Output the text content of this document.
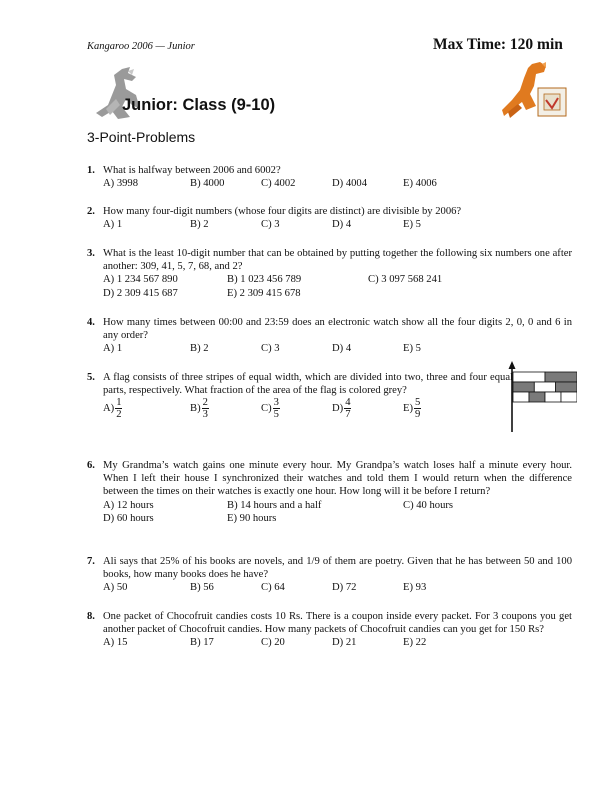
Kangaroo 2006 — Junior	Max Time: 120 min
Junior: Class (9-10)
3-Point-Problems
1. What is halfway between 2006 and 6002?
A) 3998	B) 4000	C) 4002	D) 4004	E) 4006
2. How many four-digit numbers (whose four digits are distinct) are divisible by 2006?
A) 1	B) 2	C) 3	D) 4	E) 5
3. What is the least 10-digit number that can be obtained by putting together the following six numbers one after another: 309, 41, 5, 7, 68, and 2?
A) 1 234 567 890	B) 1 023 456 789	C) 3 097 568 241
D) 2 309 415 687	E) 2 309 415 678
4. How many times between 00:00 and 23:59 does an electronic watch show all the four digits 2, 0, 0 and 6 in any order?
A) 1	B) 2	C) 3	D) 4	E) 5
5. A flag consists of three stripes of equal width, which are divided into two, three and four equal parts, respectively. What fraction of the area of the flag is colored grey?
$A) \frac{1}{2}$	$B) \frac{2}{3}$	$C) \frac{3}{5}$	$D) \frac{4}{7}$	$E) \frac{5}{9}$
6. My Grandma’s watch gains one minute every hour. My Grandpa’s watch loses half a minute every hour. When I left their house I synchronized their watches and told them I would return when the difference between the times on their watches is exactly one hour. How long will it be before I return?
A) 12 hours	B) 14 hours and a half	C) 40 hours
D) 60 hours	E) 90 hours
7. Ali says that 25% of his books are novels, and 1/9 of them are poetry. Given that he has between 50 and 100 books, how many books does he have?
A) 50	B) 56	C) 64	D) 72	E) 93
8. One packet of Chocofruit candies costs 10 Rs. There is a coupon inside every packet. For 3 coupons you get another packet of Chocofruit candies. How many packets of Chocofruit candies can you get for 150 Rs?
A) 15	B) 17	C) 20	D) 21	E) 22
